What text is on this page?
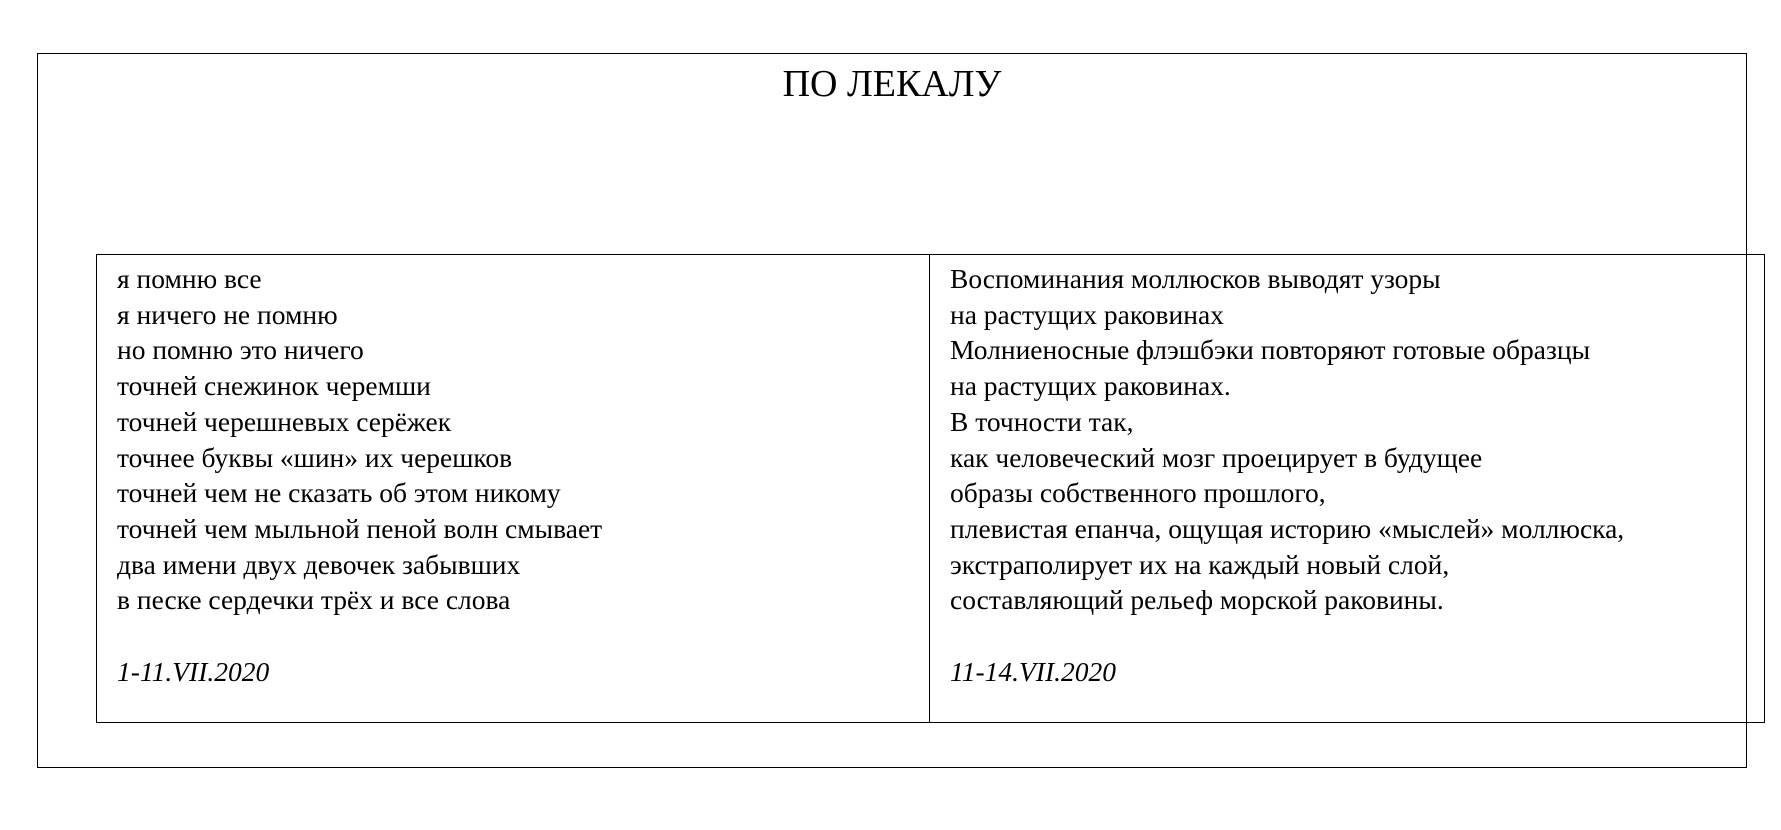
ПО ЛЕКАЛУ
я помню все
я ничего не помню
но помню это ничего
точней снежинок черемши
точней черешневых серёжек
точнее буквы «шин» их черешков
точней чем не сказать об этом никому
точней чем мыльной пеной волн смывает
два имени двух девочек забывших
в песке сердечки трёх и все слова
1-11.VII.2020
Воспоминания моллюсков выводят узоры
на растущих раковинах
Молниеносные флэшбэки повторяют готовые образцы
на растущих раковинах.
В точности так,
как человеческий мозг проецирует в будущее
образы собственного прошлого,
плевистая епанча, ощущая историю «мыслей» моллюска,
экстраполирует их на каждый новый слой,
составляющий рельеф морской раковины.
11-14.VII.2020
